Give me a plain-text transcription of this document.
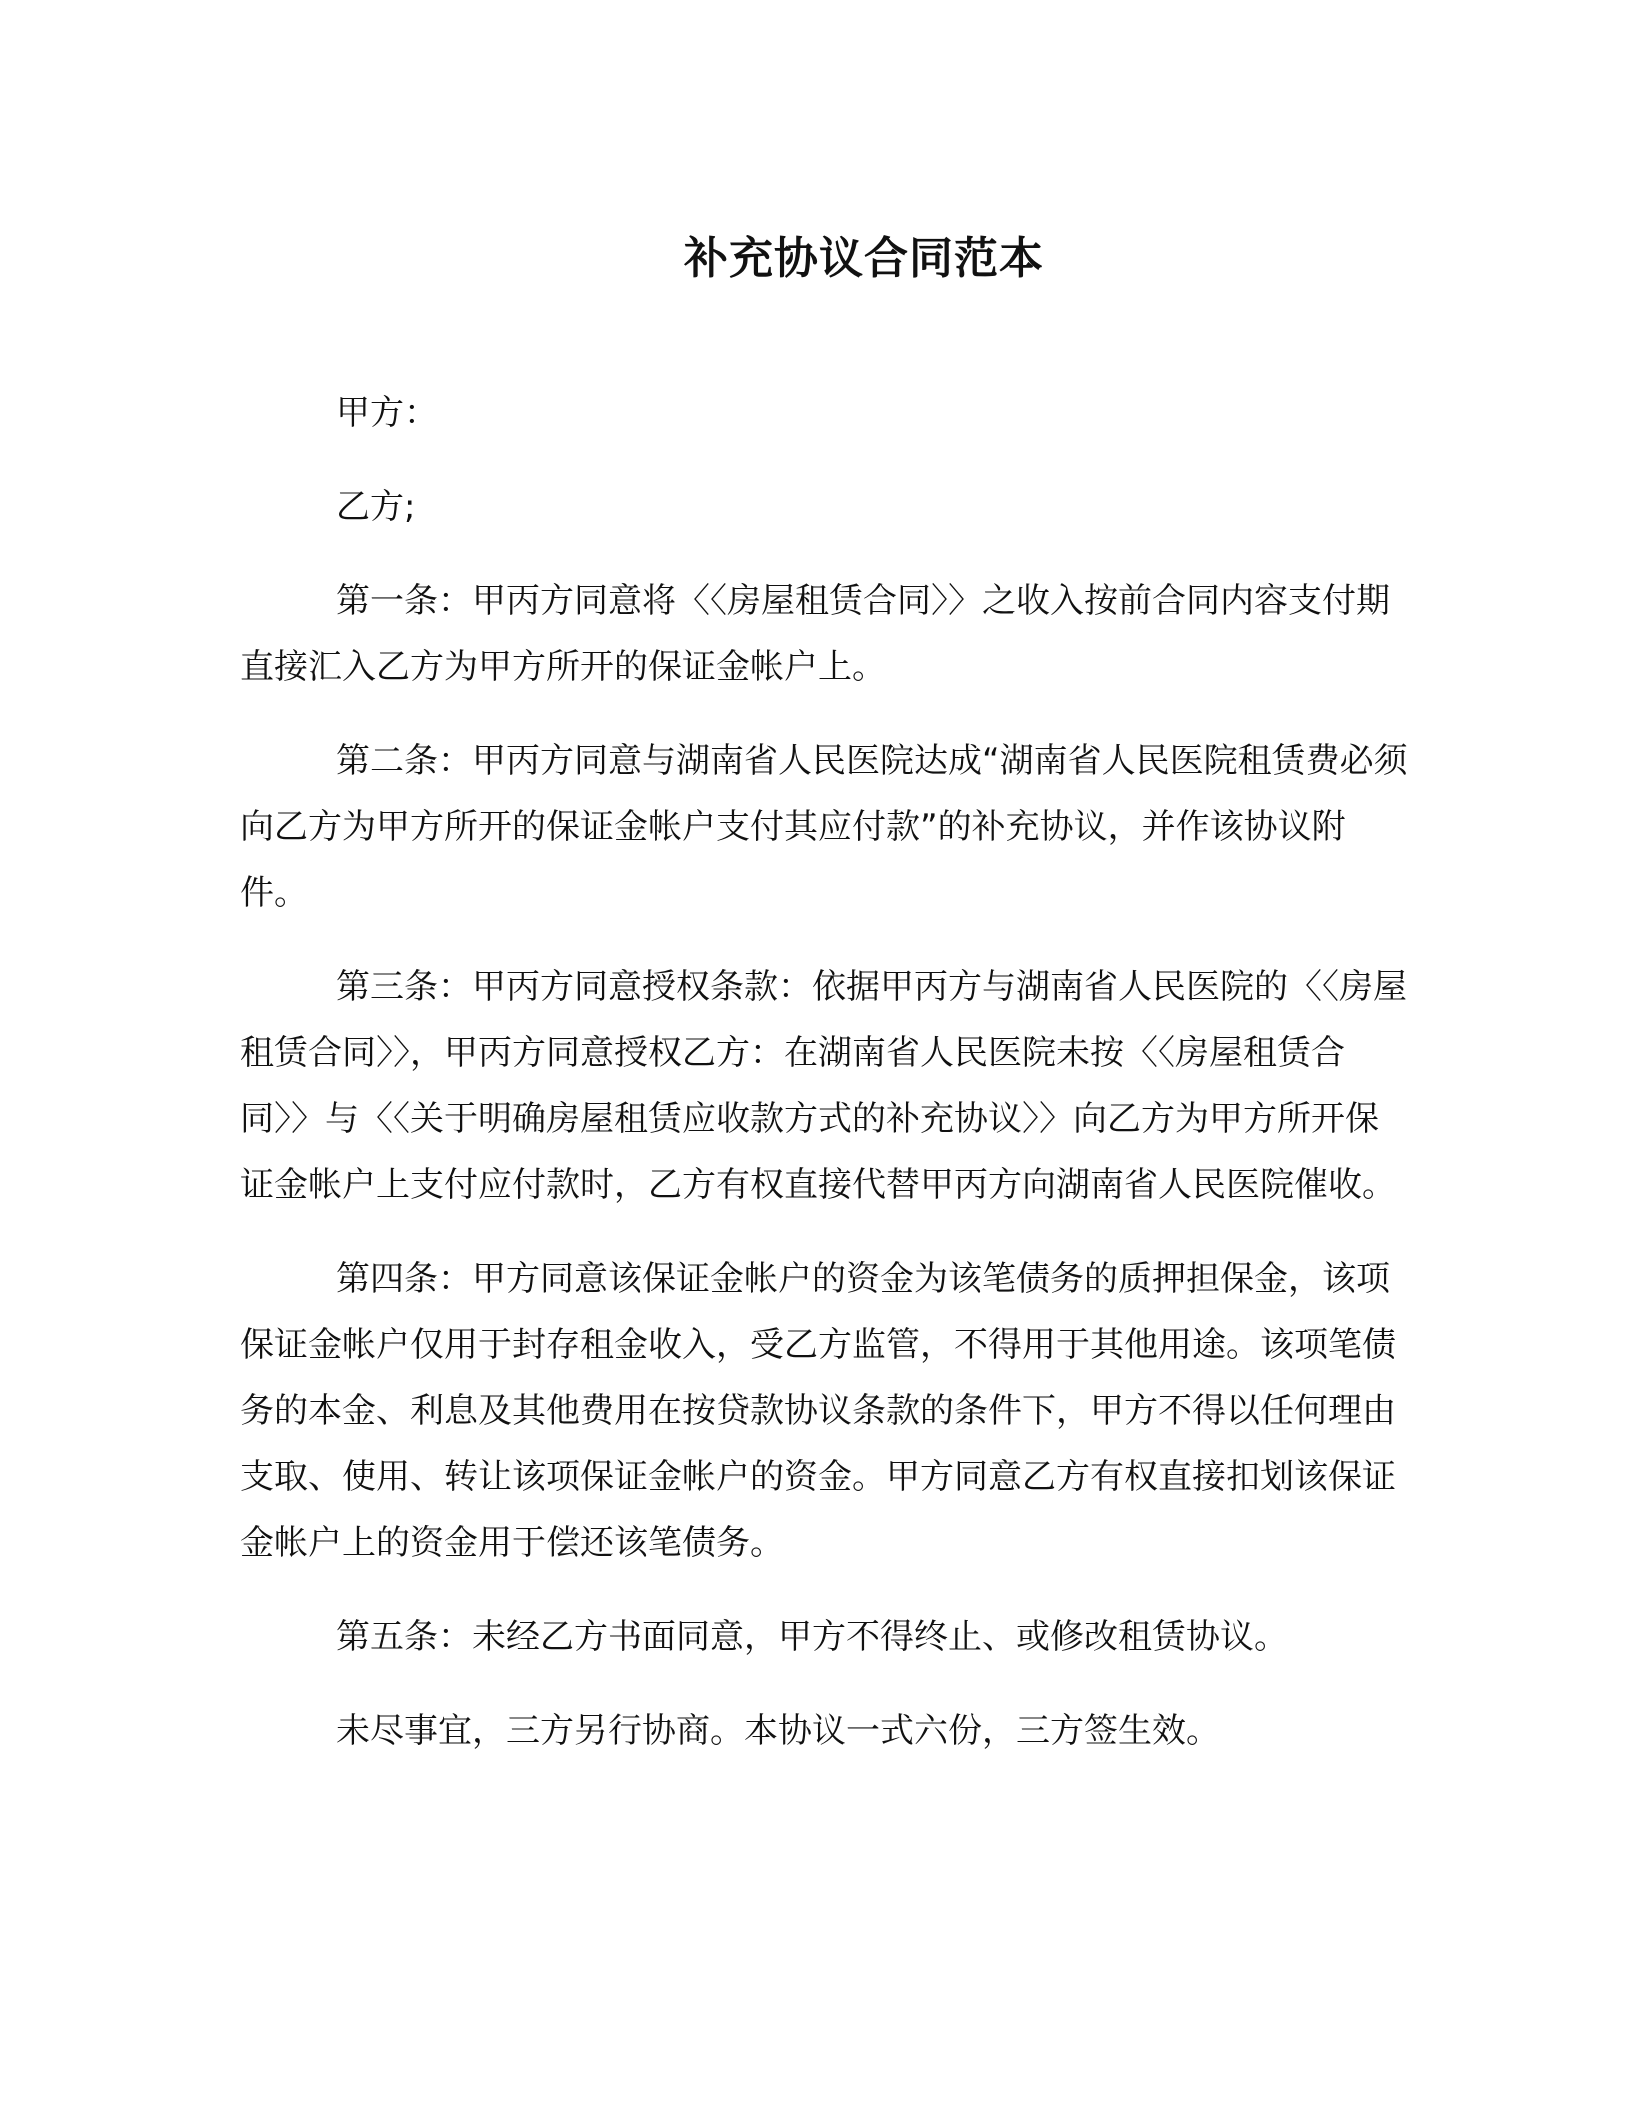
补充协议合同范本

甲方：

乙方;

第一条：甲丙方同意将〈〈房屋租赁合同〉〉之收入按前合同内容支付期直接汇入乙方为甲方所开的保证金帐户上。

第二条：甲丙方同意与湖南省人民医院达成“湖南省人民医院租赁费必须向乙方为甲方所开的保证金帐户支付其应付款”的补充协议，并作该协议附件。

第三条：甲丙方同意授权条款：依据甲丙方与湖南省人民医院的〈〈房屋租赁合同〉〉，甲丙方同意授权乙方：在湖南省人民医院未按〈〈房屋租赁合同〉〉与〈〈关于明确房屋租赁应收款方式的补充协议〉〉向乙方为甲方所开保证金帐户上支付应付款时，乙方有权直接代替甲丙方向湖南省人民医院催收。

第四条：甲方同意该保证金帐户的资金为该笔债务的质押担保金，该项保证金帐户仅用于封存租金收入，受乙方监管，不得用于其他用途。该项笔债务的本金、利息及其他费用在按贷款协议条款的条件下，甲方不得以任何理由支取、使用、转让该项保证金帐户的资金。甲方同意乙方有权直接扣划该保证金帐户上的资金用于偿还该笔债务。

第五条：未经乙方书面同意，甲方不得终止、或修改租赁协议。

未尽事宜，三方另行协商。本协议一式六份，三方签生效。
